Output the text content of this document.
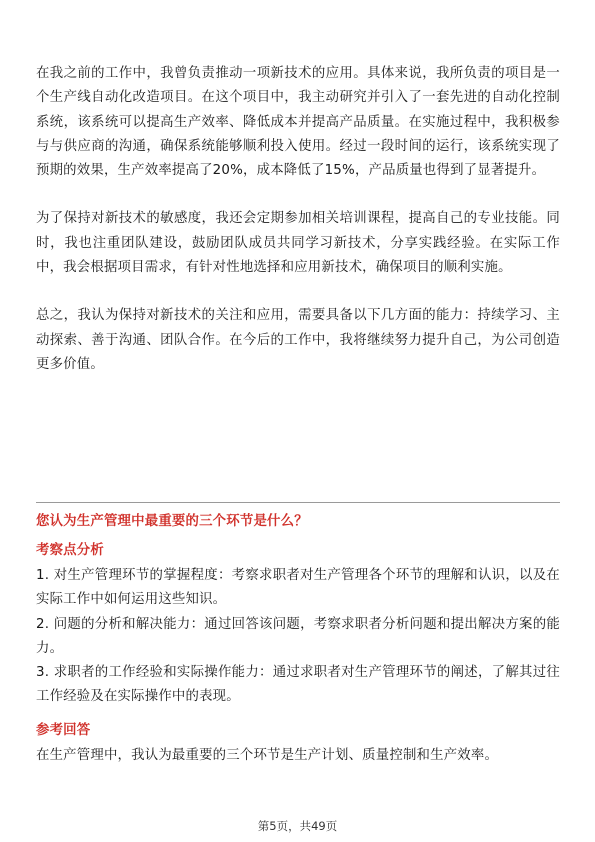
在我之前的工作中，我曾负责推动一项新技术的应用。具体来说，我所负责的项目是一个生产线自动化改造项目。在这个项目中，我主动研究并引入了一套先进的自动化控制系统，该系统可以提高生产效率、降低成本并提高产品质量。在实施过程中，我积极参与与供应商的沟通，确保系统能够顺利投入使用。经过一段时间的运行，该系统实现了预期的效果，生产效率提高了20%，成本降低了15%，产品质量也得到了显著提升。

为了保持对新技术的敏感度，我还会定期参加相关培训课程，提高自己的专业技能。同时，我也注重团队建设，鼓励团队成员共同学习新技术，分享实践经验。在实际工作中，我会根据项目需求，有针对性地选择和应用新技术，确保项目的顺利实施。

总之，我认为保持对新技术的关注和应用，需要具备以下几方面的能力：持续学习、主动探索、善于沟通、团队合作。在今后的工作中，我将继续努力提升自己，为公司创造更多价值。

您认为生产管理中最重要的三个环节是什么？

考察点分析

1. 对生产管理环节的掌握程度：考察求职者对生产管理各个环节的理解和认识，以及在实际工作中如何运用这些知识。

2. 问题的分析和解决能力：通过回答该问题，考察求职者分析问题和提出解决方案的能力。

3. 求职者的工作经验和实际操作能力：通过求职者对生产管理环节的阐述，了解其过往工作经验及在实际操作中的表现。

参考回答

在生产管理中，我认为最重要的三个环节是生产计划、质量控制和生产效率。

第5页，共49页
